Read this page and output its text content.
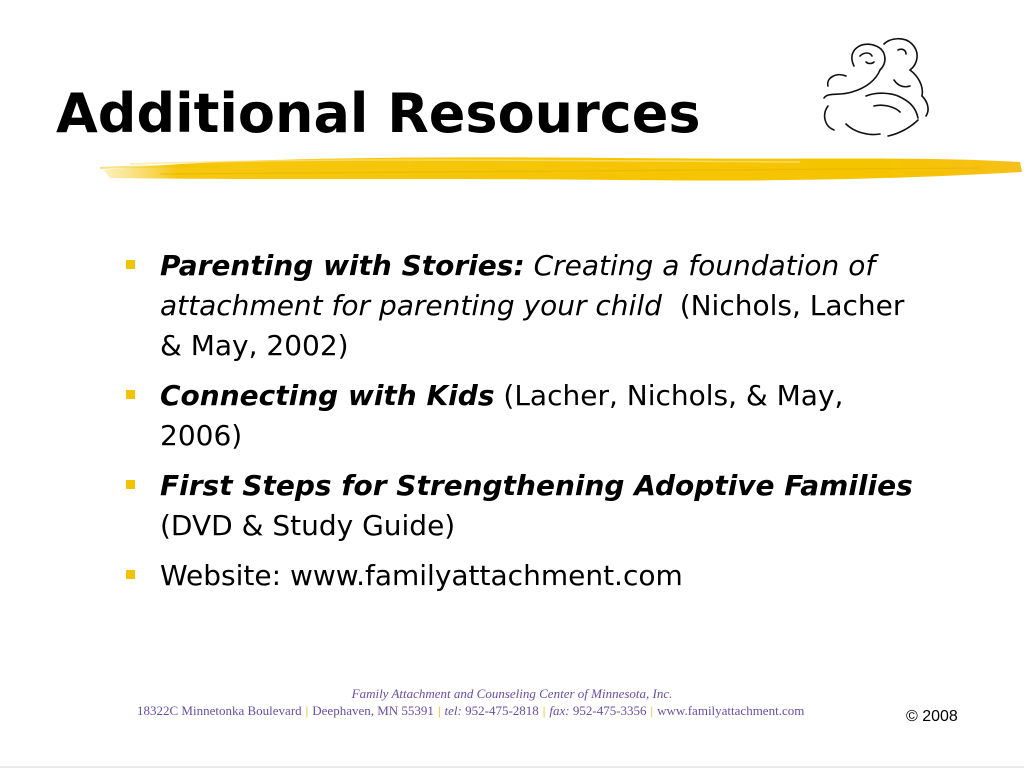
Additional Resources
Parenting with Stories: Creating a foundation of attachment for parenting your child (Nichols, Lacher & May, 2002)
Connecting with Kids (Lacher, Nichols, & May, 2006)
First Steps for Strengthening Adoptive Families (DVD & Study Guide)
Website: www.familyattachment.com
Family Attachment and Counseling Center of Minnesota, Inc.
18322C Minnetonka Boulevard | Deephaven, MN 55391 | tel: 952-475-2818 | fax: 952-475-3356 | www.familyattachment.com	© 2008
